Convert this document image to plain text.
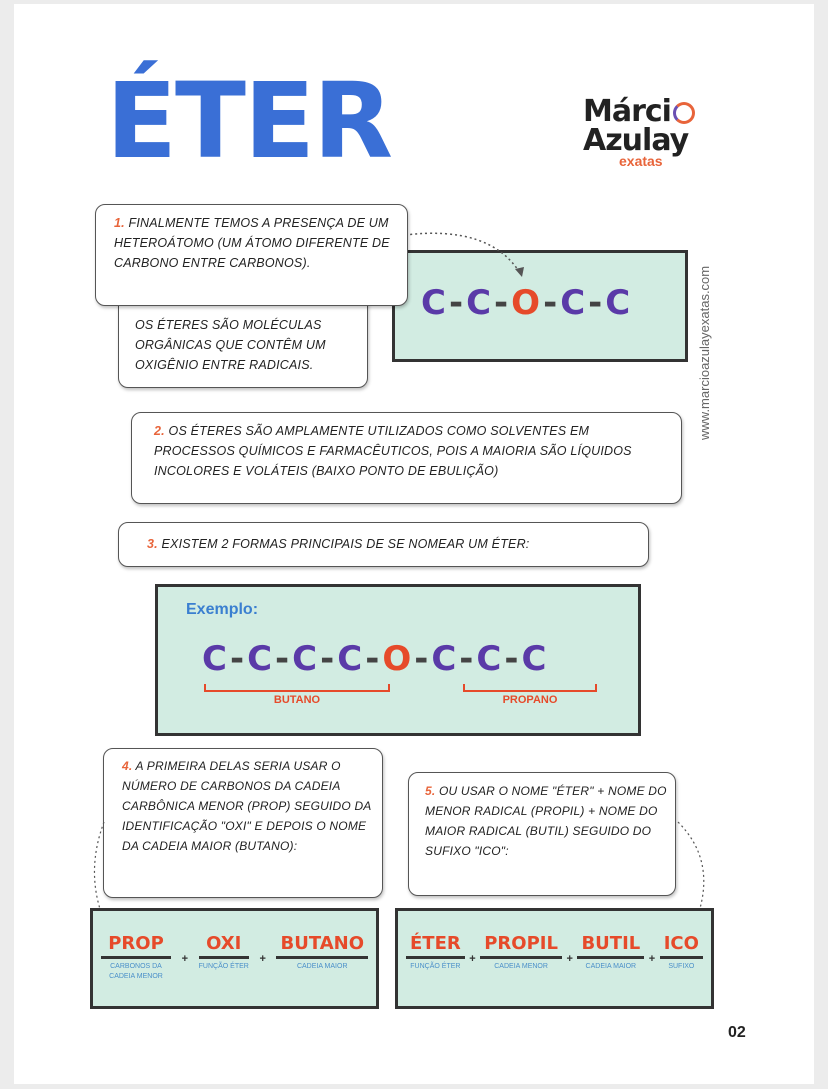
ÉTER	Márci
Azulay
exatas
www.marcioazulayexatas.com
C - C - O - C - C
OS ÉTERES SÃO MOLÉCULAS ORGÂNICAS QUE CONTÊM UM OXIGÊNIO ENTRE RADICAIS.
1. FINALMENTE TEMOS A PRESENÇA DE UM HETEROÁTOMO (UM ÁTOMO DIFERENTE DE CARBONO ENTRE CARBONOS).
2. OS ÉTERES SÃO AMPLAMENTE UTILIZADOS COMO SOLVENTES EM PROCESSOS QUÍMICOS E FARMACÊUTICOS, POIS A MAIORIA SÃO LÍQUIDOS INCOLORES E VOLÁTEIS (BAIXO PONTO DE EBULIÇÃO)
3. EXISTEM 2 FORMAS PRINCIPAIS DE SE NOMEAR UM ÉTER:
Exemplo:
C - C - C - C - O - C - C - C
BUTANO	PROPANO
4. A PRIMEIRA DELAS SERIA USAR O NÚMERO DE CARBONOS DA CADEIA CARBÔNICA MENOR (PROP) SEGUIDO DA IDENTIFICAÇÃO "OXI" E DEPOIS O NOME DA CADEIA MAIOR (BUTANO):
5. OU USAR O NOME "ÉTER" + NOME DO MENOR RADICAL (PROPIL) + NOME DO MAIOR RADICAL (BUTIL) SEGUIDO DO SUFIXO "ICO":
PROP
CARBONOS DA CADEIA MENOR
+
OXI
FUNÇÃO ÉTER
+
BUTANO
CADEIA MAIOR
ÉTER
FUNÇÃO ÉTER
+
PROPIL
CADEIA MENOR
+
BUTIL
CADEIA MAIOR
+
ICO
SUFIXO
02
